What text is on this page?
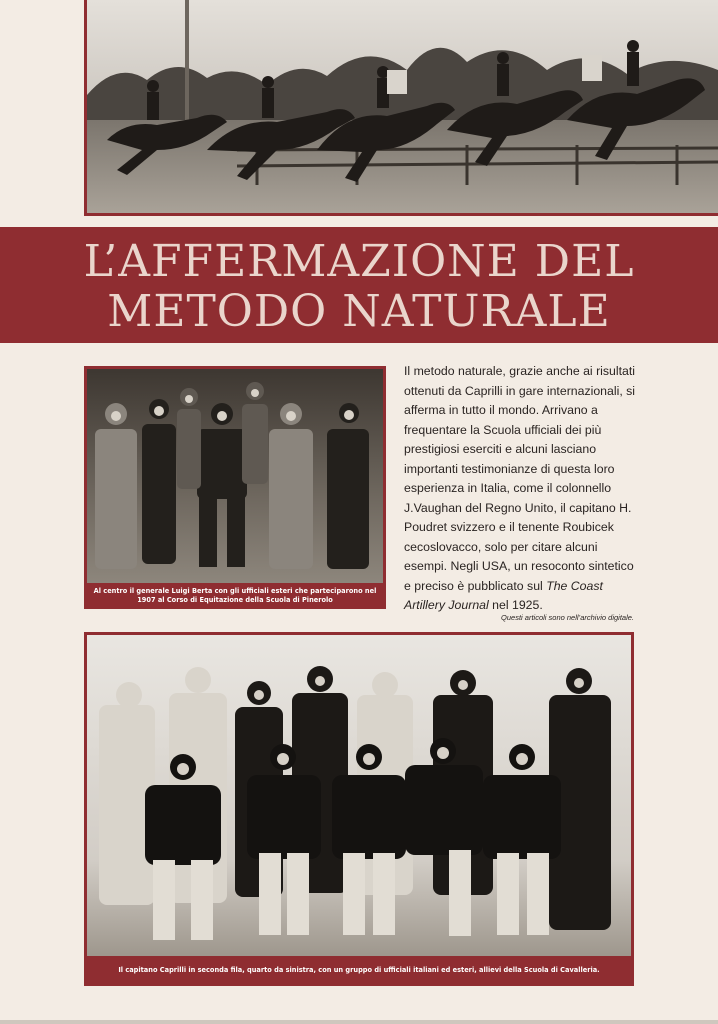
L’AFFERMAZIONE DEL
METODO NATURALE
Al centro il generale Luigi Berta con gli ufficiali esteri che parteciparono nel 1907 al Corso di Equitazione della Scuola di Pinerolo
Il metodo naturale, grazie anche ai risultati ottenuti da Caprilli in gare internazionali, si afferma in tutto il mondo. Arrivano a frequentare la Scuola ufficiali dei più prestigiosi eserciti e alcuni lasciano importanti testimonianze di questa loro esperienza in Italia, come il colonnello J.Vaughan del Regno Unito, il capitano H. Poudret svizzero e il tenente Roubicek cecoslovacco, solo per citare alcuni esempi. Negli USA, un resoconto sintetico e preciso è pubblicato sul The Coast Artillery Journal nel 1925.
Questi articoli sono nell’archivio digitale.
Il capitano Caprilli in seconda fila, quarto da sinistra, con un gruppo di ufficiali italiani ed esteri, allievi della Scuola di Cavalleria.
